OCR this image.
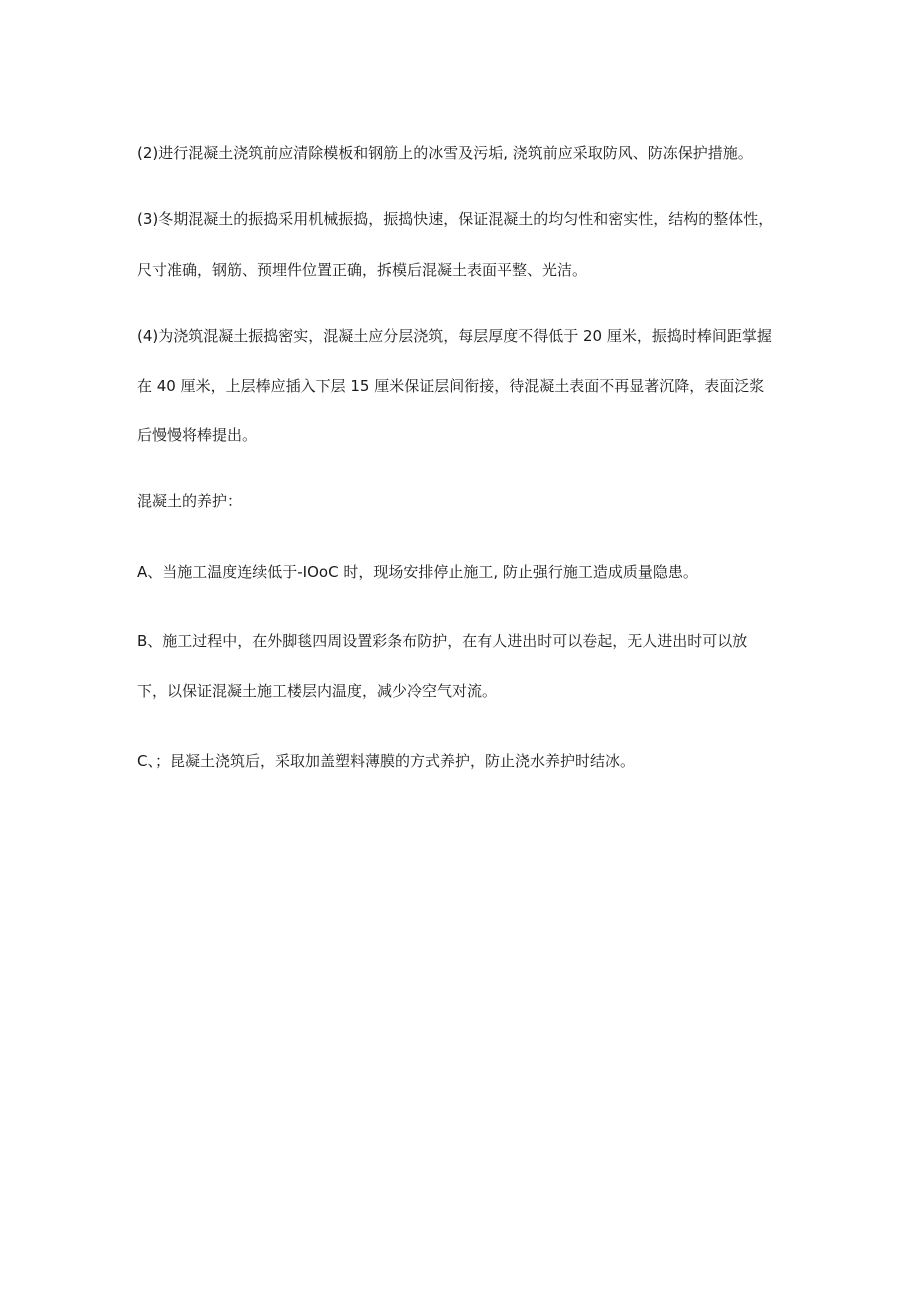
(2)进行混凝土浇筑前应清除模板和钢筋上的冰雪及污垢, 浇筑前应采取防风、防冻保护措施。
(3)冬期混凝土的振捣采用机械振捣，振捣快速，保证混凝土的均匀性和密实性，结构的整体性，
尺寸准确，钢筋、预埋件位置正确，拆模后混凝土表面平整、光洁。
(4)为浇筑混凝土振捣密实，混凝土应分层浇筑，每层厚度不得低于 20 厘米，振捣时棒间距掌握
在 40 厘米，上层棒应插入下层 15 厘米保证层间衔接，待混凝土表面不再显著沉降，表面泛浆
后慢慢将棒提出。
混凝土的养护：
A、当施工温度连续低于-IOoC 时，现场安排停止施工, 防止强行施工造成质量隐患。
B、施工过程中，在外脚毯四周设置彩条布防护，在有人进出时可以卷起，无人进出时可以放
下，以保证混凝土施工楼层内温度，减少冷空气对流。
C、；昆凝土浇筑后，采取加盖塑料薄膜的方式养护，防止浇水养护时结冰。
